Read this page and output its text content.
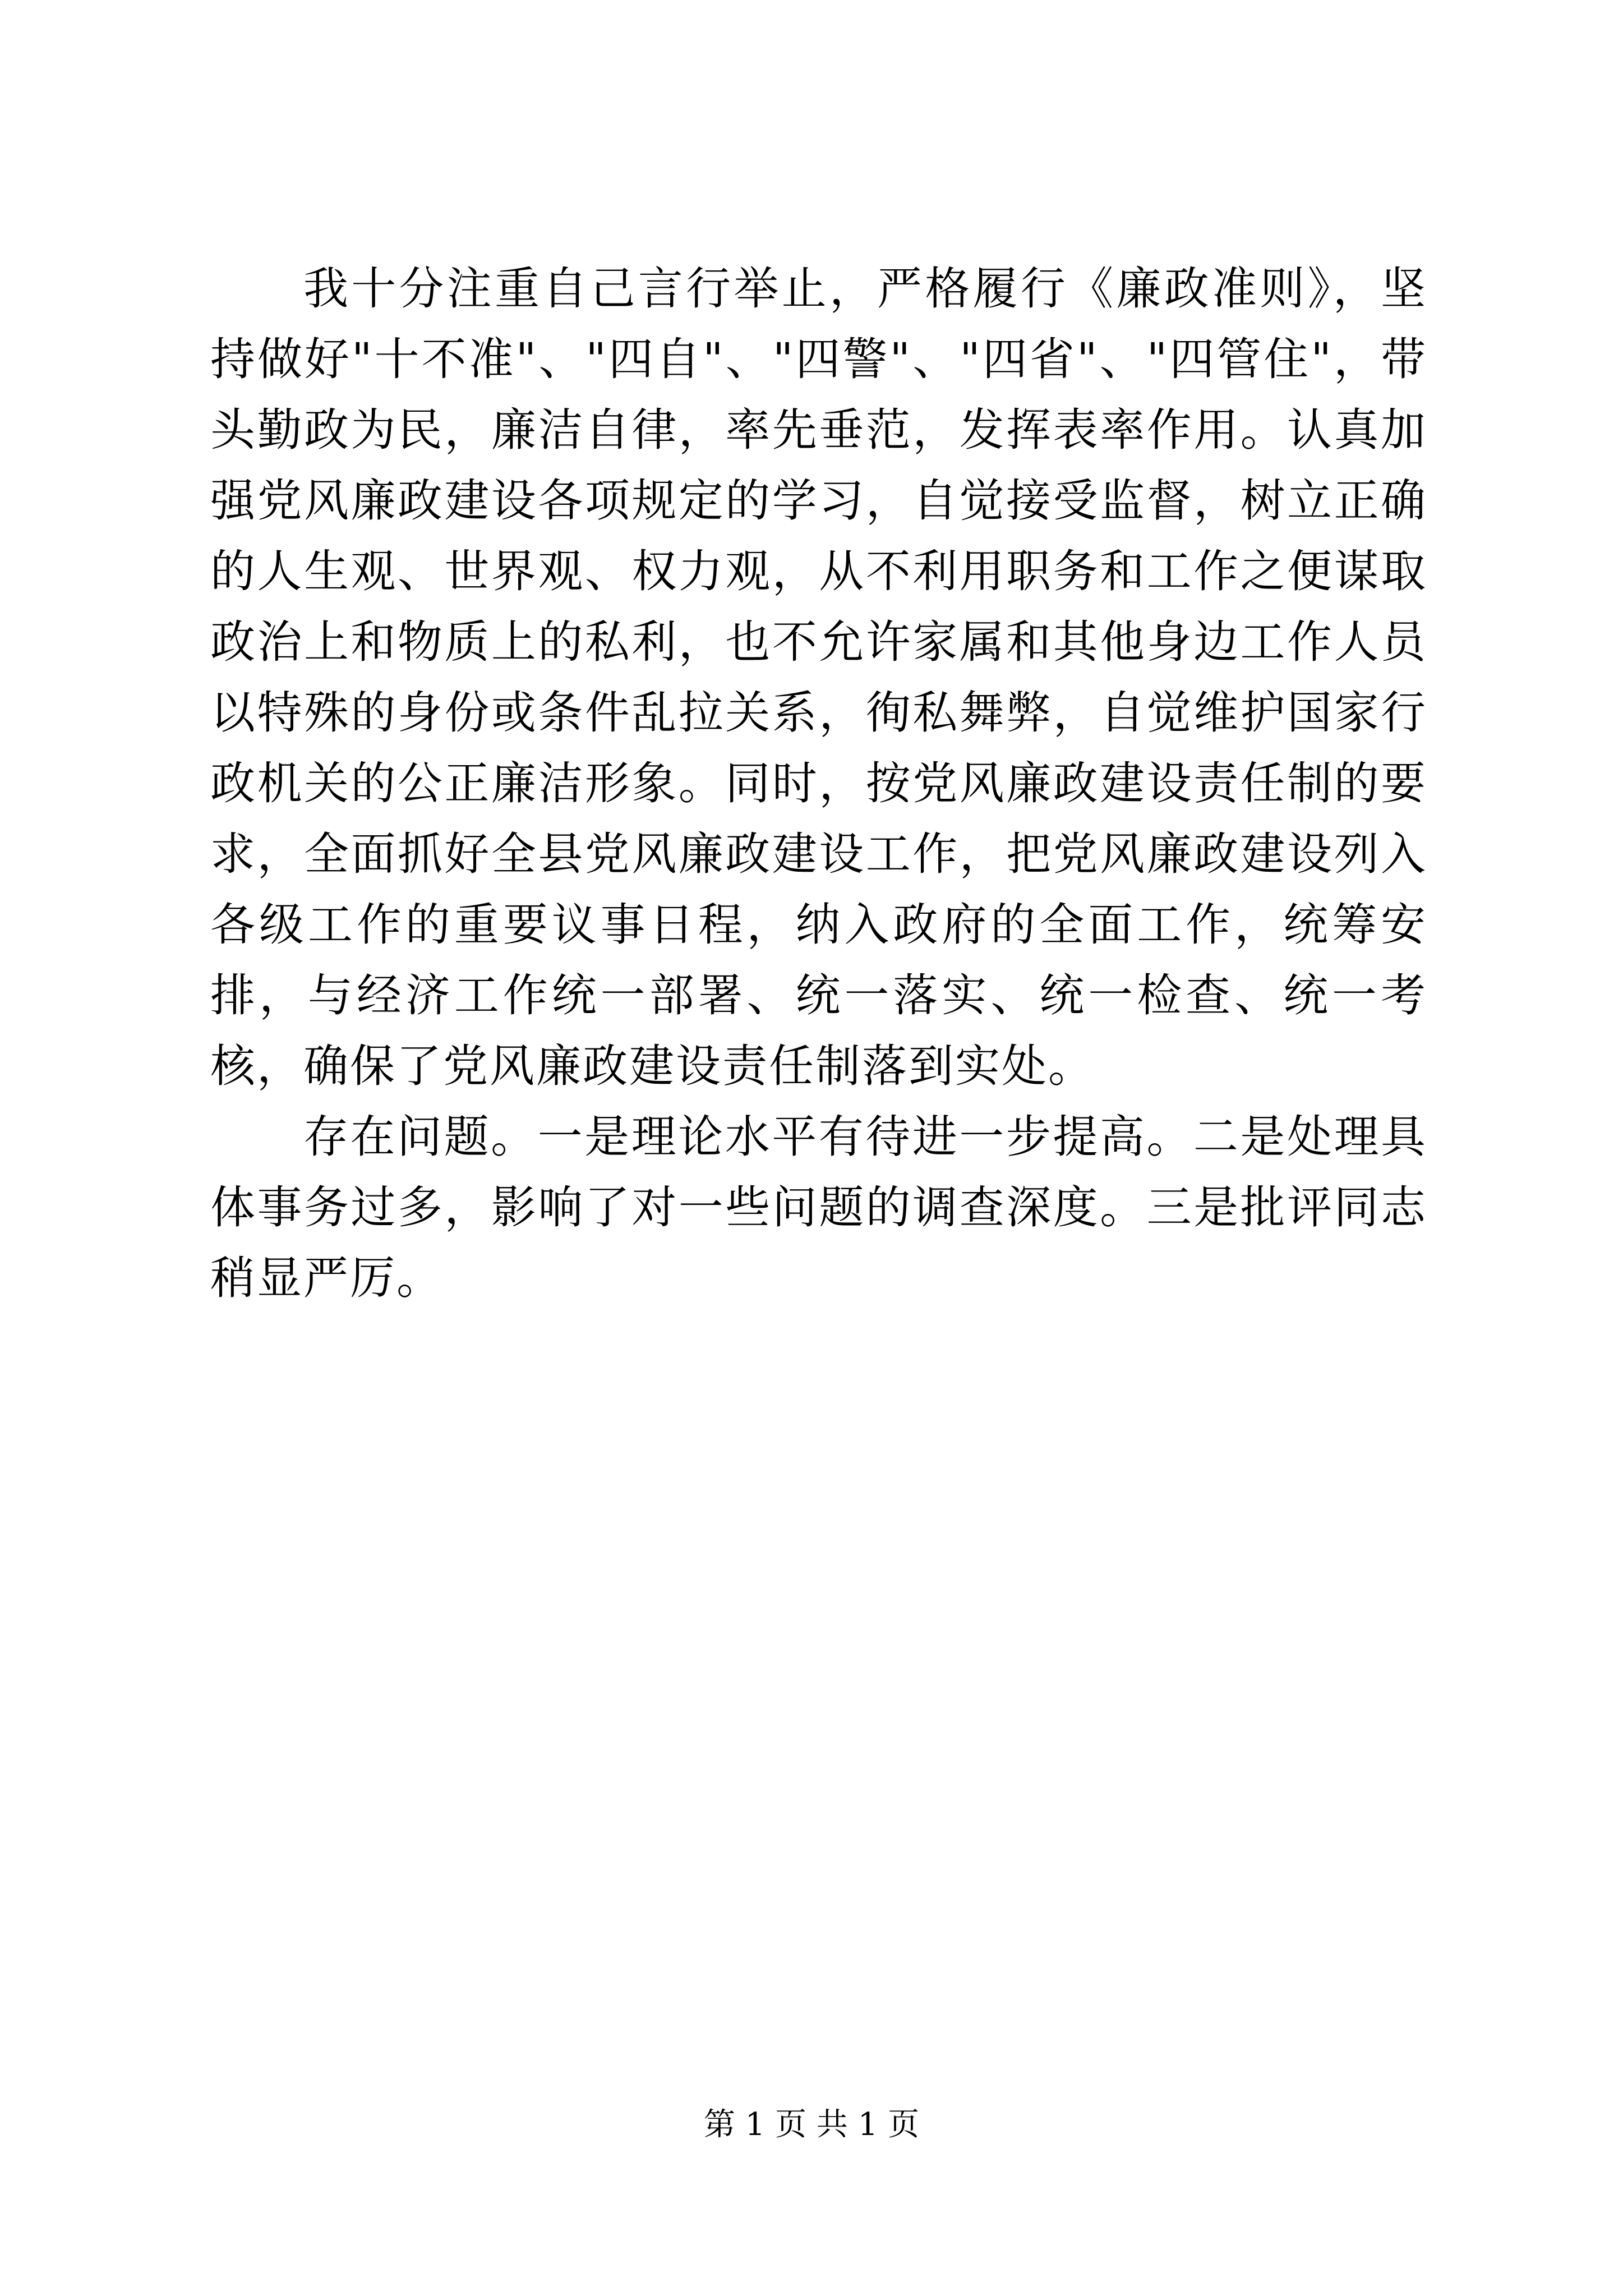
我十分注重自己言行举止，严格履行《廉政准则》，坚持做好"十不准"、"四自"、"四警"、"四省"、"四管住"，带头勤政为民，廉洁自律，率先垂范，发挥表率作用。认真加强党风廉政建设各项规定的学习，自觉接受监督，树立正确的人生观、世界观、权力观，从不利用职务和工作之便谋取政治上和物质上的私利，也不允许家属和其他身边工作人员以特殊的身份或条件乱拉关系，徇私舞弊，自觉维护国家行政机关的公正廉洁形象。同时，按党风廉政建设责任制的要求，全面抓好全县党风廉政建设工作，把党风廉政建设列入各级工作的重要议事日程，纳入政府的全面工作，统筹安排，与经济工作统一部署、统一落实、统一检查、统一考核，确保了党风廉政建设责任制落到实处。

存在问题。一是理论水平有待进一步提高。二是处理具体事务过多，影响了对一些问题的调查深度。三是批评同志稍显严厉。

第 1 页 共 1 页
